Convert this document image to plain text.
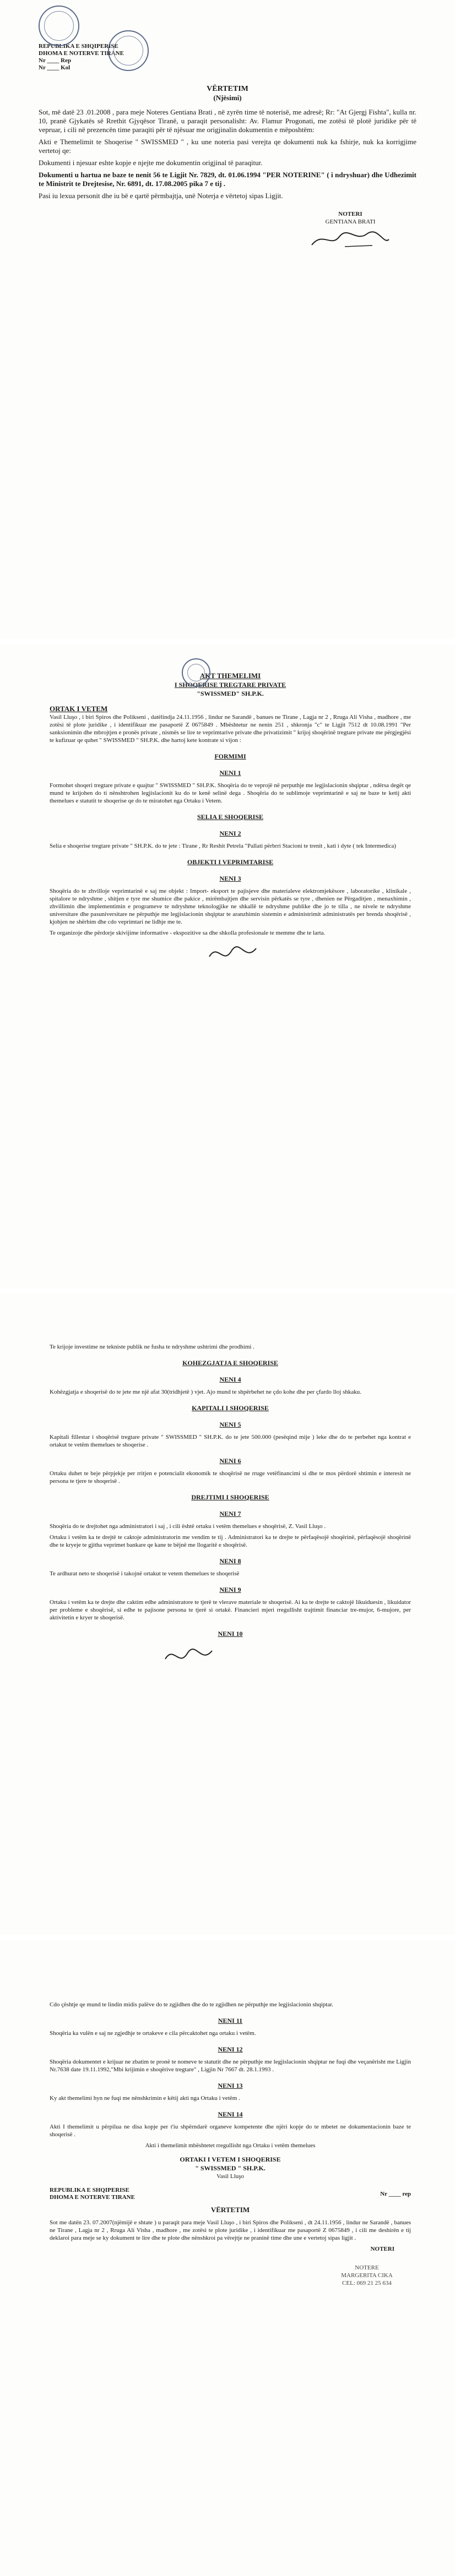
REPUBLIKA E SHQIPERISE
DHOMA E NOTERVE TIRANE
Nr ____ Rep
Nr ____ Kol
VËRTETIM
(Njësimi)

Sot, më datë 23 .01.2008 , para meje Noteres Gentiana Brati , në zyrën time të noterisë, me adresë; Rr: "At Gjergj Fishta", kulla nr. 10, pranë Gjykatës së Rrethit Gjyqësor Tiranë, u paraqit personalisht: Av. Flamur Progonati, me zotësi të plotë juridike për të vepruar, i cili në prezencën time paraqiti për të njësuar me origjinalin dokumentin e mëposhtëm:

Akti e Themelimit te Shoqerise " SWISSMED " , ku une noteria pasi verejta qe dokumenti nuk ka fshirje, nuk ka korrigjime vertetoj qe:

Dokumenti i njesuar eshte kopje e njejte me dokumentin origjinal të paraqitur.

Dokumenti u hartua ne baze te nenit 56 te Ligjit Nr. 7829, dt. 01.06.1994 "PER NOTERINE" ( i ndryshuar) dhe Udhezimit te Ministrit te Drejtesise, Nr. 6891, dt. 17.08.2005 pika 7 e tij .

Pasi iu lexua personit dhe iu bë e qartë përmbajtja, unë Noterja e vërtetoj sipas Ligjit.

NOTERI
GENTIANA BRATI
AKT THEMELIMI
I SHOQERISE TREGTARE PRIVATE
"SWISSMED" SH.P.K.
ORTAK I VETEM

Vasil Lluşo , i biri Spiros dhe Polikseni , datëlindja 24.11.1956 , lindur ne Sarandë , banues ne Tirane , Lagja nr 2 , Rruga Ali Visha , madhore , me zotësi të plote juridike , i identifikuar me pasaportë Z 0675849 . Mbështetur ne nenin 251 , shkronja "c" te Ligjit 7512 dt 10.08.1991 "Per sanksionimin dhe mbrojtjen e pronës private , nismës se lire te veprimtarive private dhe privatizimit " krijoj shoqërinë tregtare private me përgjegjësi te kufizuar qe quhet " SWISSMED " SH.P.K. dhe hartoj kete kontrate si vijon :

FORMIMI
NENI 1

Formohet shoqeri tregtare private e quajtur " SWISSMED " SH.P.K. Shoqëria do te veprojë në perputhje me legjislacionin shqiptar , ndërsa degët qe mund te krijohen do ti nënshtrohen legjislacionit ku do te kenë selinë dega . Shoqëria do te sublimoje veprimtarinë e saj ne baze te ketij akti themelues e statutit te shoqerise qe do te miratohet nga Ortaku i Vetem.

SELIA E SHOQERISE
NENI 2

Selia e shoqerise tregtare private " SH.P.K. do te jete : Tirane , Rr Reshit Petrela "Pallati përbrri Stacioni te trenit , kati i dyte ( tek Intermedica)

OBJEKTI I VEPRIMTARISE
NENI 3

Shoqëria do te zhvilloje veprimtarinë e saj me objekt : Import- eksport te pajisjeve dhe materialeve elektromjekësore , laboratorike , klinikale , spitalore te ndryshme , shitjen e tyre me shumice dhe pakice , mirëmbajtjen dhe servisin përkatës se tyre , dhenien ne Përgaditjen , menaxhimin , zhvillimin dhe implementimin e programeve te ndryshme teknologjike ne shkallë te ndryshme publike dhe jo te tilla , ne nivele te ndryshme universitare dhe pasuniversitare ne përputhje me legjislacionin shqiptar te aranzhimin sistemin e administrimit administratës per brenda shoqërisë , kjohjen ne shërbim dhe cdo veprimtari ne lidhje me te.

Te organizoje dhe përdorje skivijime informative - ekspozitive sa dhe shkolla profesionale te memme dhe te larta.

Te krijoje investime ne tekniste publik ne fusha te ndryshme ushtrimi dhe prodhimi .

KOHEZGJATJA E SHOQERISE
NENI 4

Kohëzgjatja e shoqerisë do te jete me një afat 30(tridhjetë ) vjet. Ajo mund te shpërbehet ne çdo kohe dhe per çfardo lloj shkaku.

KAPITALI I SHOQERISE
NENI 5

Kapitali fillestar i shoqërisë tregtare private " SWISSMED " SH.P.K. do te jete 500.000 (pesëqind mije ) leke dhe do te perbehet nga kontrat e ortakut te vetëm themelues te shoqerise .

NENI 6

Ortaku duhet te beje përpjekje per rritjen e potencialit ekonomik te shoqërisë ne rruge vetëfinancimi si dhe te mos përdorë shtimin e interesit ne persona te tjere te shoqerisë .

DREJTIMI I SHOQERISE
NENI 7

Shoqëria do te drejtohet nga administratori i saj , i cili është ortaku i vetëm themelues e shoqërisë, Z. Vasil Lluşo .

Ortaku i vetëm ka te drejtë te caktoje administratorin me vendim te tij . Administratori ka te drejte te përfaqësojë shoqërinë, përfaqësojë shoqërinë dhe te kryeje te gjitha veprimet bankare qe kane te bëjnë me llogaritë e shoqërisë.

NENI 8

Te ardhurat neto te shoqerisë i takojnë ortakut te vetem themelues te shoqerisë

NENI 9

Ortaku i vetëm ka te drejte dhe caktim edhe administratore te tjerë te vlerave materiale te shoqerisë. Ai ka te drejte te caktojë likuiduesin , likuidator per probleme e shoqërisë, si edhe te pajisone persona te tjerë si ortakë. Financieri mjeri rregullisht trajtimit financiar tre-mujor, 6-mujore, per aktivitetin e kryer te shoqerisë.

NENI 10

Cdo çështje qe mund te lindin midis palëve do te zgjidhen dhe do te zgjidhen ne përputhje me legjislacionin shqiptar.

NENI 11

Shoqëria ka vulën e saj ne zgjedhje te ortakeve e cila përcaktohet nga ortaku i vetëm.

NENI 12

Shoqëria dokumentet e krijuar ne zbatim te pronë te nomeve te statutit dhe ne përputhje me legjislacionin shqiptar ne fuqi dhe veçanërisht me Ligjin Nr.7638 date 19.11.1992,"Mbi krijimin e shoqërive tregtare" , Ligjin Nr 7667 dt. 28.1.1993 .

NENI 13

Ky akt themelimi hyn ne fuqi me nënshkrimin e këtij akti nga Ortaku i vetëm .

NENI 14

Akti I themelimit u përpilua ne disa kopje per t'iu shpërndarë organeve kompetente dhe njëri kopje do te mbetet ne dokumentacionin baze te shoqerisë .

Akti i themelimit mbështetet rregullisht nga Ortaku i vetëm themelues

ORTAKI I VETEM I SHOQERISE
" SWISSMED " SH.P.K.
Vasil Lluşo
REPUBLIKA E SHQIPERISE
DHOMA E NOTERVE TIRANE
Nr ____ rep
VËRTETIM

Sot me datën 23. 07.2007(njëmijë e shtate ) u paraqit para meje Vasil Lluşo , i biri Spiros dhe Polikseni , dt 24.11.1956 , lindur ne Sarandë , banues ne Tirane , Lagja nr 2 , Rruga Ali Visha , madhore , me zotësi te plote juridike , i identifikuar me pasaportë Z 0675849 , i cili me deshirën e tij deklaroi para meje se ky dokument te lire dhe te plote dhe nënshkroi pa vërejtje ne praninë time dhe une e vertetoj sipas ligjit .

NOTERI
NOTERE
MARGERITA CIKA
CEL: 069 21 25 634
